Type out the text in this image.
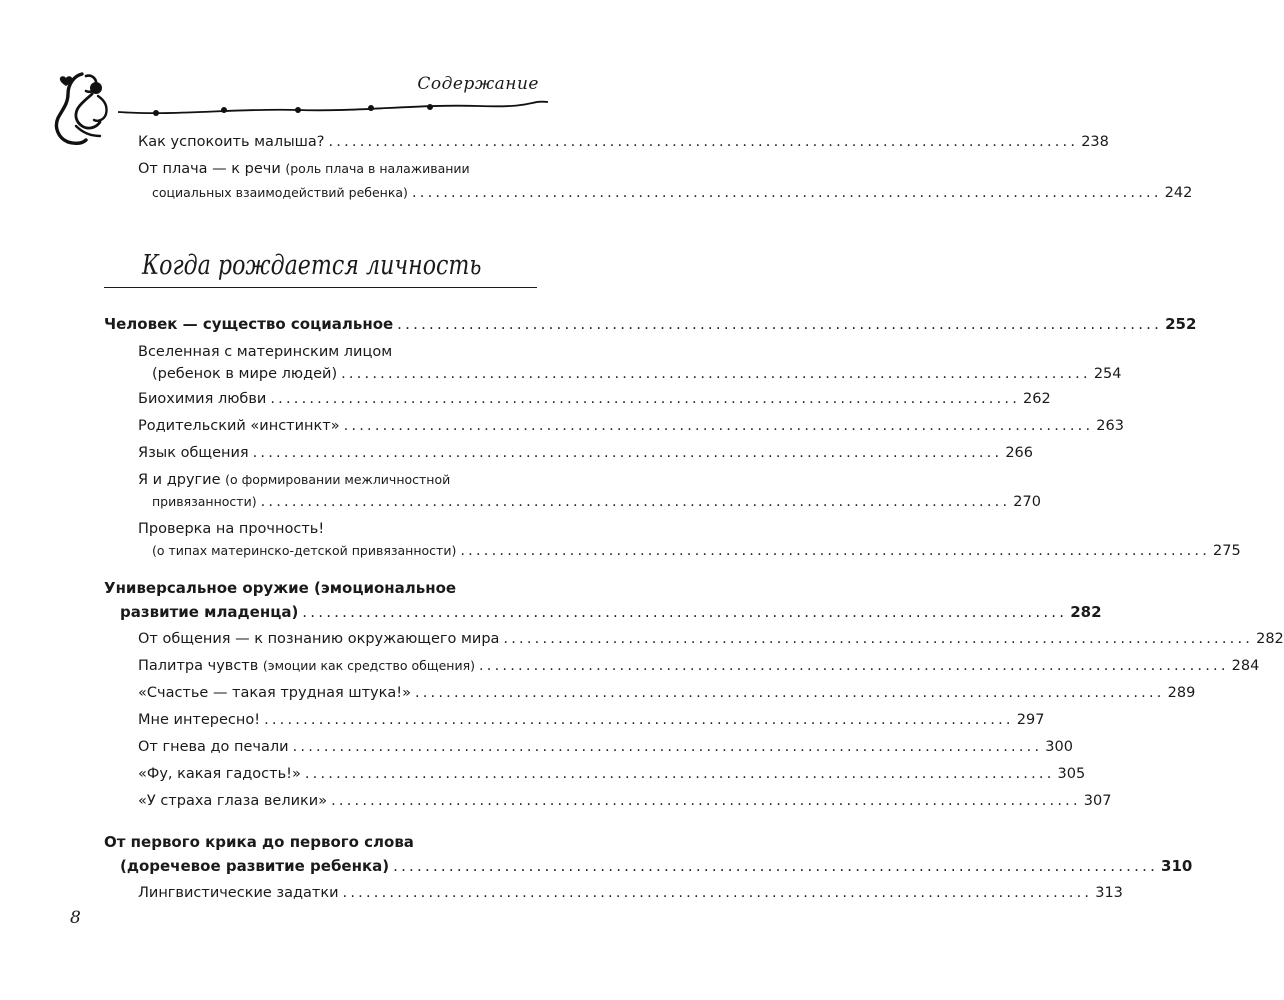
Содержание
Как успокоить малыша? ................................................................................................ 238
От плача — к речи (роль плача в налаживании
социальных взаимодействий ребенка) ................................................................................................ 242
Когда рождается личность
Человек — существо социальное ................................................................................................ 252
Вселенная с материнским лицом
(ребенок в мире людей) ................................................................................................ 254
Биохимия любви ................................................................................................ 262
Родительский «инстинкт» ................................................................................................ 263
Язык общения ................................................................................................ 266
Я и другие (о формировании межличностной
привязанности) ................................................................................................ 270
Проверка на прочность!
(о типах материнско-детской привязанности) ................................................................................................ 275
Универсальное оружие (эмоциональное
развитие младенца) ................................................................................................ 282
От общения — к познанию окружающего мира ................................................................................................ 282
Палитра чувств (эмоции как средство общения) ................................................................................................ 284
«Счастье — такая трудная штука!» ................................................................................................ 289
Мне интересно! ................................................................................................ 297
От гнева до печали ................................................................................................ 300
«Фу, какая гадость!» ................................................................................................ 305
«У страха глаза велики» ................................................................................................ 307
От первого крика до первого слова
(доречевое развитие ребенка) ................................................................................................ 310
Лингвистические задатки ................................................................................................ 313
8
